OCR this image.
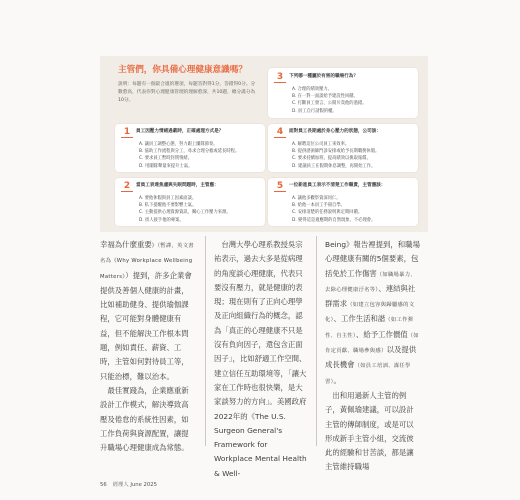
主管們，你具備心理健康意識嗎？
說明：每題有一個最合適的選項，每題答對得1分，答錯得0分。分數愈高，代表你對心理健康管理的理解愈深，共10題，總分滿分為10分。
3	下列哪一種屬於有害的職場行為？
A. 合理的績效壓力。
B. 在一對一面談給予建設性回饋。
C. 打斷員工發言，公開斥責他的過錯。
D. 員工自行請假的權。
1	員工因壓力情緒過載時，正確處理方式是？
A. 讓員工調整心態，努力跟上團隊節奏。
B. 協助工作流程與分工，尋求合理分擔或延長時程。
C. 要求員工暫時封閉情緒。
D. 用團隊聲量來提升士氣。
4	面對員工長期處於身心壓力的狀態，公司該：
A. 解聘這位公司員工來效率。
B. 提供諮詢師門診安排或給予長期職務休假。
C. 要求持續加班，提高績效以換取報償。
D. 建議員工在假期休息調整，再開始工作。
2	當員工表達焦慮與失眠問題時，主管應：
A. 要他休假與員工因素面談。
B. 私下提醒他不要影響士氣。
C. 主動提供心理資源資訊，關心工作壓力來源。
D. 找人接手他的專案。
5	一位新進員工表示不清楚工作職責，主管應該：
A. 讓他多觀察資深同仁。
B. 給他一本員工手冊自學。
C. 安排清楚的任務說明與定期回饋。
D. 變得這是適應期的自然現象，不必理會。

幸福為什麼重要》（暫譯，英文書名為《Why Workplace Wellbeing Matters》）提到，許多企業會提供及善個人健康的計畫，比如補助健身、提供瑜伽課程，它可能對身體健康有益，但不能解決工作根本問題，例如責任、薪資、工時，主管如何對待員工等，只能治標，難以治本。

最佳實踐為，企業應重新設計工作模式，解決導致高壓及倦怠的系統性因素，如工作負荷與資源配置，讓提升職場心理健康成為常態。

台灣大學心理系教授吳宗祐表示，過去大多是從病理的角度談心理健康，代表只要沒有壓力，就是健康的表現；現在則有了正向心理學及正向組織行為的概念，認為「真正的心理健康不只是沒有負向因子，還包含正面因子」，比如舒適工作空間、建立信任互助環境等，「讓大家在工作時也很快樂，是大家談努力的方向」。美國政府2022年的《The U.S. Surgeon General's Framework for Workplace Mental Health & Well-

Being》報告裡提到，和職場心理健康有關的5個要素，包括免於工作傷害（如職場暴力、去除心理健康汙名等）、連結與社群需求（如建立包容與歸屬感的文化）、工作生活和諧（如工作彈性、自主性）、給予工作價值（如肯定貢獻、職場參與感）以及提供成長機會（如員工培訓、謀任學習）。

出和用過新人主管的例子，黃佩瑜建議，可以設計主管的傳師制度，或是可以形成新手主管小組，交流彼此的經驗和甘苦談，都是讓主管維持職場

56 經理人 June 2025
